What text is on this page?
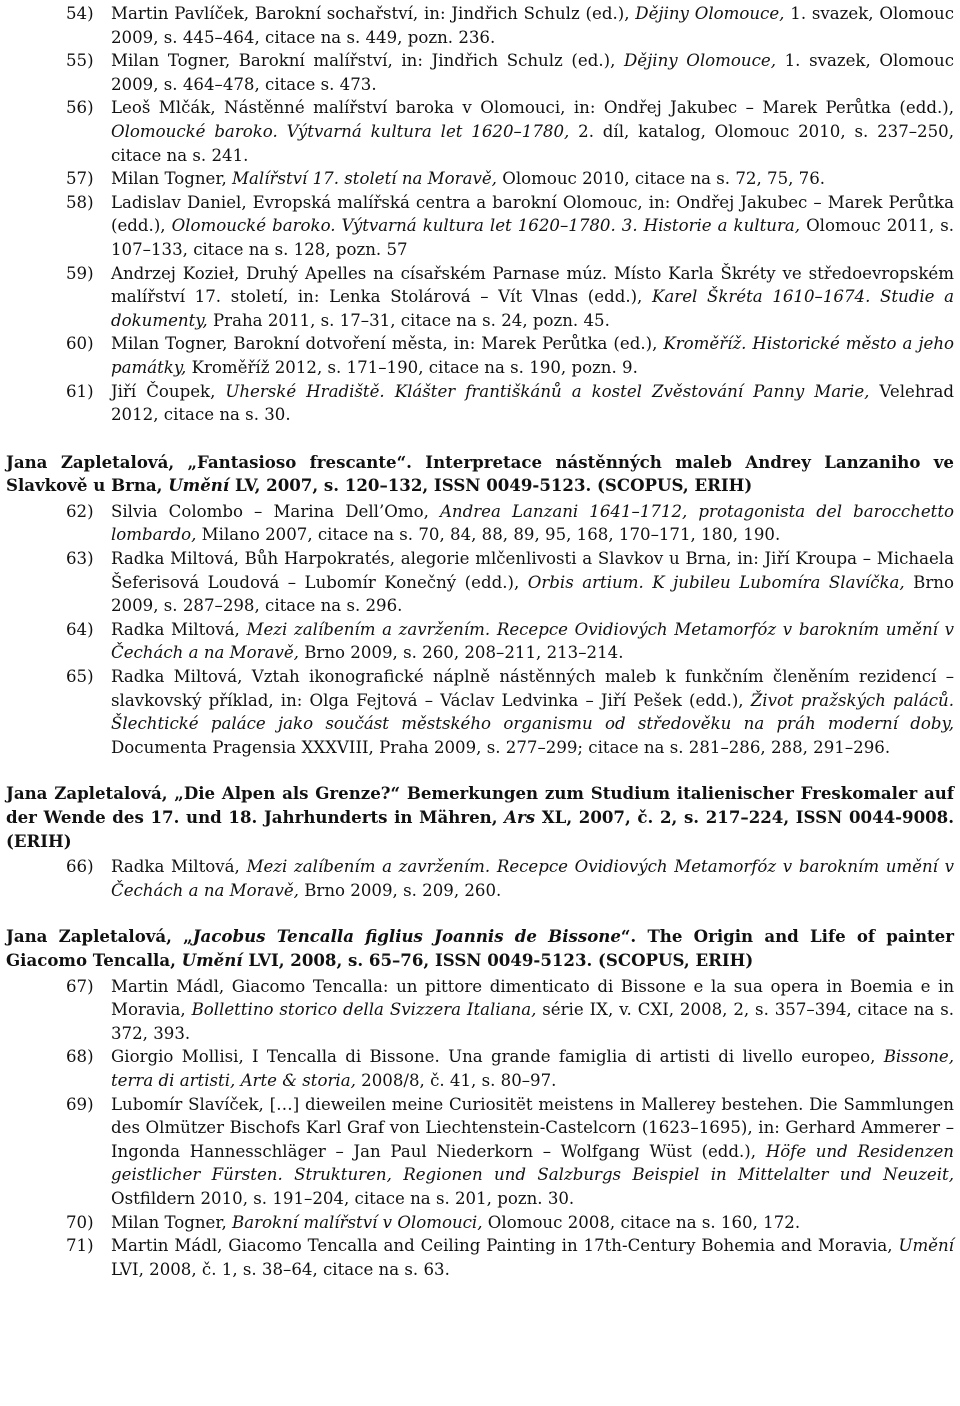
54)	Martin Pavlíček, Barokní sochařství, in: Jindřich Schulz (ed.), Dějiny Olomouce, 1. svazek, Olomouc 2009, s. 445–464, citace na s. 449, pozn. 236.
55)	Milan Togner, Barokní malířství, in: Jindřich Schulz (ed.), Dějiny Olomouce, 1. svazek, Olomouc 2009, s. 464–478, citace s. 473.
56)	Leoš Mlčák, Nástěnné malířství baroka v Olomouci, in: Ondřej Jakubec – Marek Perůtka (edd.), Olomoucké baroko. Výtvarná kultura let 1620–1780, 2. díl, katalog, Olomouc 2010, s. 237–250, citace na s. 241.
57)	Milan Togner, Malířství 17. století na Moravě, Olomouc 2010, citace na s. 72, 75, 76.
58)	Ladislav Daniel, Evropská malířská centra a barokní Olomouc, in: Ondřej Jakubec – Marek Perůtka (edd.), Olomoucké baroko. Výtvarná kultura let 1620–1780. 3. Historie a kultura, Olomouc 2011, s. 107–133, citace na s. 128, pozn. 57
59)	Andrzej Kozieł, Druhý Apelles na císařském Parnase múz. Místo Karla Škréty ve středoevropském malířství 17. století, in: Lenka Stolárová – Vít Vlnas (edd.), Karel Škréta 1610–1674. Studie a dokumenty, Praha 2011, s. 17–31, citace na s. 24, pozn. 45.
60)	Milan Togner, Barokní dotvoření města, in: Marek Perůtka (ed.), Kroměříž. Historické město a jeho památky, Kroměříž 2012, s. 171–190, citace na s. 190, pozn. 9.
61)	Jiří Čoupek, Uherské Hradiště. Klášter františkánů a kostel Zvěstování Panny Marie, Velehrad 2012, citace na s. 30.
Jana Zapletalová, „Fantasioso frescante“. Interpretace nástěnných maleb Andrey Lanzaniho ve Slavkově u Brna, Umění LV, 2007, s. 120–132, ISSN 0049-5123. (SCOPUS, ERIH)
62)	Silvia Colombo – Marina Dell’Omo, Andrea Lanzani 1641–1712, protagonista del barocchetto lombardo, Milano 2007, citace na s. 70, 84, 88, 89, 95, 168, 170–171, 180, 190.
63)	Radka Miltová, Bůh Harpokratés, alegorie mlčenlivosti a Slavkov u Brna, in: Jiří Kroupa – Michaela Šeferisová Loudová – Lubomír Konečný (edd.), Orbis artium. K jubileu Lubomíra Slavíčka, Brno 2009, s. 287–298, citace na s. 296.
64)	Radka Miltová, Mezi zalíbením a zavržením. Recepce Ovidiových Metamorfóz v barokním umění v Čechách a na Moravě, Brno 2009, s. 260, 208–211, 213–214.
65)	Radka Miltová, Vztah ikonografické náplně nástěnných maleb k funkčním členěním rezidencí – slavkovský příklad, in: Olga Fejtová – Václav Ledvinka – Jiří Pešek (edd.), Život pražských paláců. Šlechtické paláce jako součást městského organismu od středověku na práh moderní doby, Documenta Pragensia XXXVIII, Praha 2009, s. 277–299; citace na s. 281–286, 288, 291–296.
Jana Zapletalová, „Die Alpen als Grenze?“ Bemerkungen zum Studium italienischer Freskomaler auf der Wende des 17. und 18. Jahrhunderts in Mähren, Ars XL, 2007, č. 2, s. 217–224, ISSN 0044-9008. (ERIH)
66)	Radka Miltová, Mezi zalíbením a zavržením. Recepce Ovidiových Metamorfóz v barokním umění v Čechách a na Moravě, Brno 2009, s. 209, 260.
Jana Zapletalová, „Jacobus Tencalla figlius Joannis de Bissone“. The Origin and Life of painter Giacomo Tencalla, Umění LVI, 2008, s. 65–76, ISSN 0049-5123. (SCOPUS, ERIH)
67)	Martin Mádl, Giacomo Tencalla: un pittore dimenticato di Bissone e la sua opera in Boemia e in Moravia, Bollettino storico della Svizzera Italiana, série IX, v. CXI, 2008, 2, s. 357–394, citace na s. 372, 393.
68)	Giorgio Mollisi, I Tencalla di Bissone. Una grande famiglia di artisti di livello europeo, Bissone, terra di artisti, Arte & storia, 2008/8, č. 41, s. 80–97.
69)	Lubomír Slavíček, […] dieweilen meine Curiositët meistens in Mallerey bestehen. Die Sammlungen des Olmützer Bischofs Karl Graf von Liechtenstein-Castelcorn (1623–1695), in: Gerhard Ammerer – Ingonda Hannesschläger – Jan Paul Niederkorn – Wolfgang Wüst (edd.), Höfe und Residenzen geistlicher Fürsten. Strukturen, Regionen und Salzburgs Beispiel in Mittelalter und Neuzeit, Ostfildern 2010, s. 191–204, citace na s. 201, pozn. 30.
70)	Milan Togner, Barokní malířství v Olomouci, Olomouc 2008, citace na s. 160, 172.
71)	Martin Mádl, Giacomo Tencalla and Ceiling Painting in 17th-Century Bohemia and Moravia, Umění LVI, 2008, č. 1, s. 38–64, citace na s. 63.
